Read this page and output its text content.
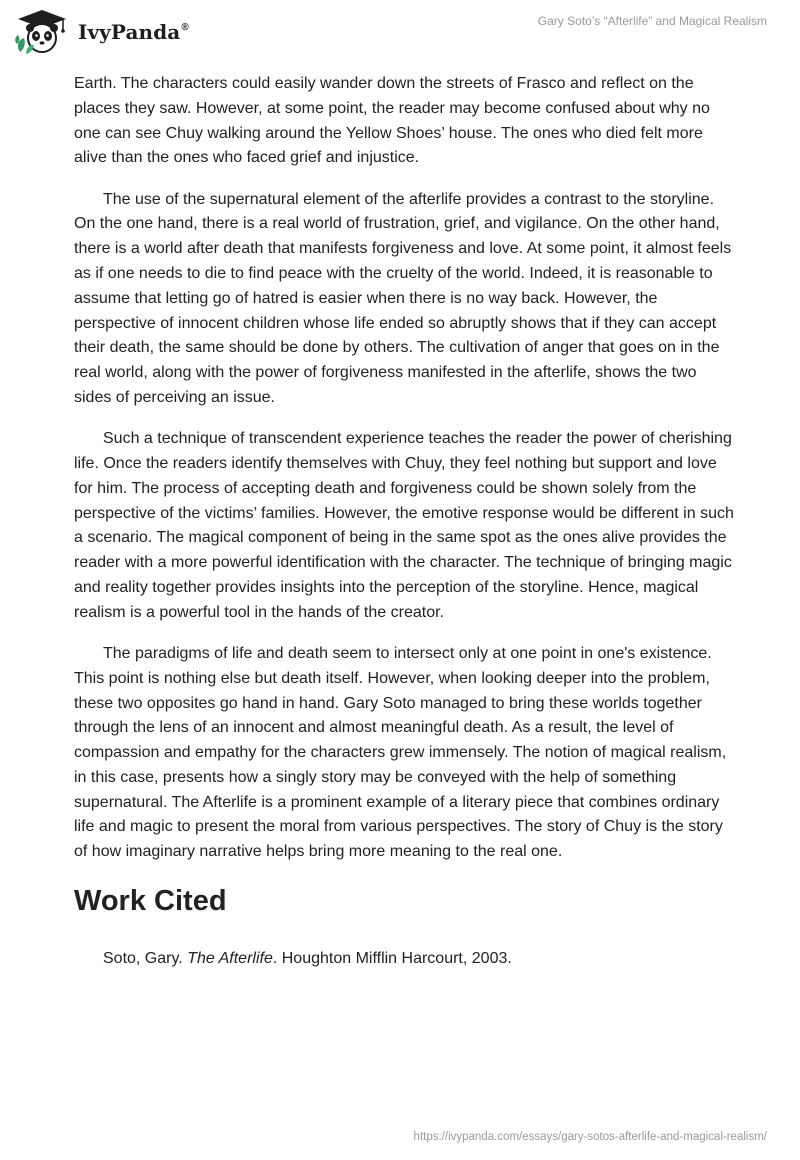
IvyPanda®	Gary Soto’s “Afterlife” and Magical Realism

Earth. The characters could easily wander down the streets of Frasco and reflect on the places they saw. However, at some point, the reader may become confused about why no one can see Chuy walking around the Yellow Shoes’ house. The ones who died felt more alive than the ones who faced grief and injustice.

The use of the supernatural element of the afterlife provides a contrast to the storyline. On the one hand, there is a real world of frustration, grief, and vigilance. On the other hand, there is a world after death that manifests forgiveness and love. At some point, it almost feels as if one needs to die to find peace with the cruelty of the world. Indeed, it is reasonable to assume that letting go of hatred is easier when there is no way back. However, the perspective of innocent children whose life ended so abruptly shows that if they can accept their death, the same should be done by others. The cultivation of anger that goes on in the real world, along with the power of forgiveness manifested in the afterlife, shows the two sides of perceiving an issue.

Such a technique of transcendent experience teaches the reader the power of cherishing life. Once the readers identify themselves with Chuy, they feel nothing but support and love for him. The process of accepting death and forgiveness could be shown solely from the perspective of the victims’ families. However, the emotive response would be different in such a scenario. The magical component of being in the same spot as the ones alive provides the reader with a more powerful identification with the character. The technique of bringing magic and reality together provides insights into the perception of the storyline. Hence, magical realism is a powerful tool in the hands of the creator.

The paradigms of life and death seem to intersect only at one point in one's existence. This point is nothing else but death itself. However, when looking deeper into the problem, these two opposites go hand in hand. Gary Soto managed to bring these worlds together through the lens of an innocent and almost meaningful death. As a result, the level of compassion and empathy for the characters grew immensely. The notion of magical realism, in this case, presents how a singly story may be conveyed with the help of something supernatural. The Afterlife is a prominent example of a literary piece that combines ordinary life and magic to present the moral from various perspectives. The story of Chuy is the story of how imaginary narrative helps bring more meaning to the real one.

Work Cited

Soto, Gary. The Afterlife. Houghton Mifflin Harcourt, 2003.

https://ivypanda.com/essays/gary-sotos-afterlife-and-magical-realism/
